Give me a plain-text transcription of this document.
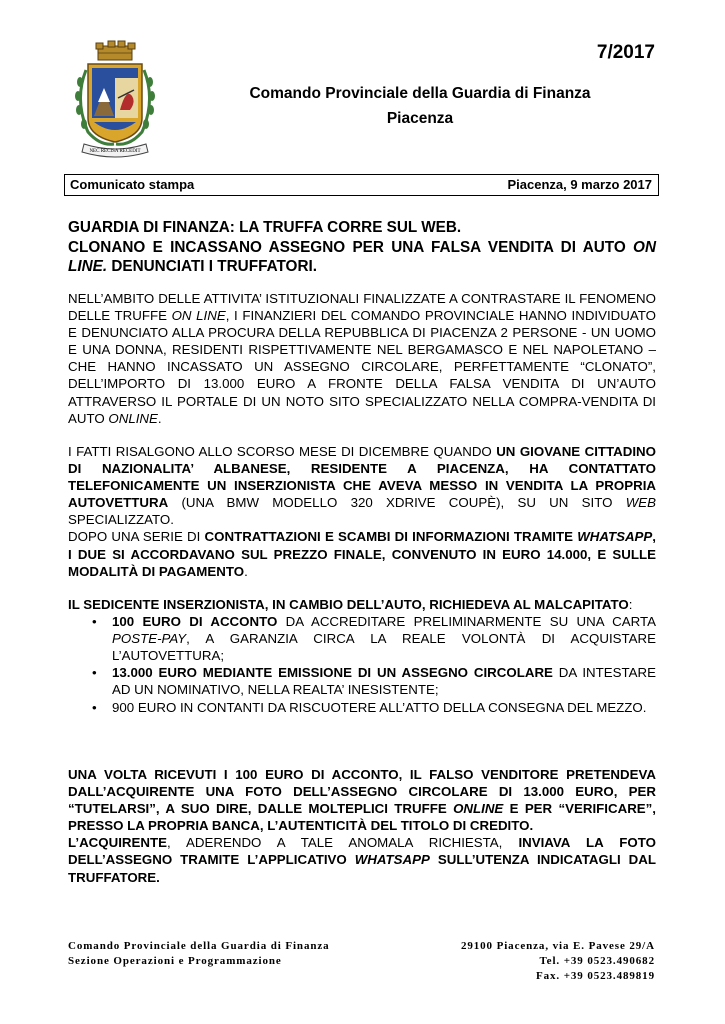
NEC RECISA RECEDIT
7/2017
Comando Provinciale della Guardia di Finanza
Piacenza
Comunicato stampa	Piacenza, 9 marzo 2017
GUARDIA DI FINANZA: LA TRUFFA CORRE SUL WEB.
CLONANO E INCASSANO ASSEGNO PER UNA FALSA VENDITA DI AUTO ON LINE. DENUNCIATI I TRUFFATORI.

NELL’AMBITO DELLE ATTIVITA’ ISTITUZIONALI FINALIZZATE A CONTRASTARE IL FENOMENO DELLE TRUFFE ON LINE, I FINANZIERI DEL COMANDO PROVINCIALE HANNO INDIVIDUATO E DENUNCIATO ALLA PROCURA DELLA REPUBBLICA DI PIACENZA 2 PERSONE - UN UOMO E UNA DONNA, RESIDENTI RISPETTIVAMENTE NEL BERGAMASCO E NEL NAPOLETANO – CHE HANNO INCASSATO UN ASSEGNO CIRCOLARE, PERFETTAMENTE “CLONATO”, DELL’IMPORTO DI 13.000 EURO A FRONTE DELLA FALSA VENDITA DI UN’AUTO ATTRAVERSO IL PORTALE DI UN NOTO SITO SPECIALIZZATO NELLA COMPRA-VENDITA DI AUTO ONLINE.

I FATTI RISALGONO ALLO SCORSO MESE DI DICEMBRE QUANDO UN GIOVANE CITTADINO DI NAZIONALITA’ ALBANESE, RESIDENTE A PIACENZA, HA CONTATTATO TELEFONICAMENTE UN INSERZIONISTA CHE AVEVA MESSO IN VENDITA LA PROPRIA AUTOVETTURA (UNA BMW MODELLO 320 XDRIVE COUPÈ), SU UN SITO WEB SPECIALIZZATO.

DOPO UNA SERIE DI CONTRATTAZIONI E SCAMBI DI INFORMAZIONI TRAMITE WHATSAPP, I DUE SI ACCORDAVANO SUL PREZZO FINALE, CONVENUTO IN EURO 14.000, E SULLE MODALITÀ DI PAGAMENTO.

IL SEDICENTE INSERZIONISTA, IN CAMBIO DELL’AUTO, RICHIEDEVA AL MALCAPITATO:

• 100 EURO DI ACCONTO DA ACCREDITARE PRELIMINARMENTE SU UNA CARTA POSTE-PAY, A GARANZIA CIRCA LA REALE VOLONTÀ DI ACQUISTARE L’AUTOVETTURA;
• 13.000 EURO MEDIANTE EMISSIONE DI UN ASSEGNO CIRCOLARE DA INTESTARE AD UN NOMINATIVO, NELLA REALTA’ INESISTENTE;
• 900 EURO IN CONTANTI DA RISCUOTERE ALL’ATTO DELLA CONSEGNA DEL MEZZO.

UNA VOLTA RICEVUTI I 100 EURO DI ACCONTO, IL FALSO VENDITORE PRETENDEVA DALL’ACQUIRENTE UNA FOTO DELL’ASSEGNO CIRCOLARE DI 13.000 EURO, PER “TUTELARSI”, A SUO DIRE, DALLE MOLTEPLICI TRUFFE ONLINE E PER “VERIFICARE”, PRESSO LA PROPRIA BANCA, L’AUTENTICITÀ DEL TITOLO DI CREDITO.

L’ACQUIRENTE, ADERENDO A TALE ANOMALA RICHIESTA, INVIAVA LA FOTO DELL’ASSEGNO TRAMITE L’APPLICATIVO WHATSAPP SULL’UTENZA INDICATAGLI DAL TRUFFATORE.

Comando Provinciale della Guardia di Finanza
Sezione Operazioni e Programmazione
29100 Piacenza, via E. Pavese 29/A
Tel. +39 0523.490682
Fax. +39 0523.489819
